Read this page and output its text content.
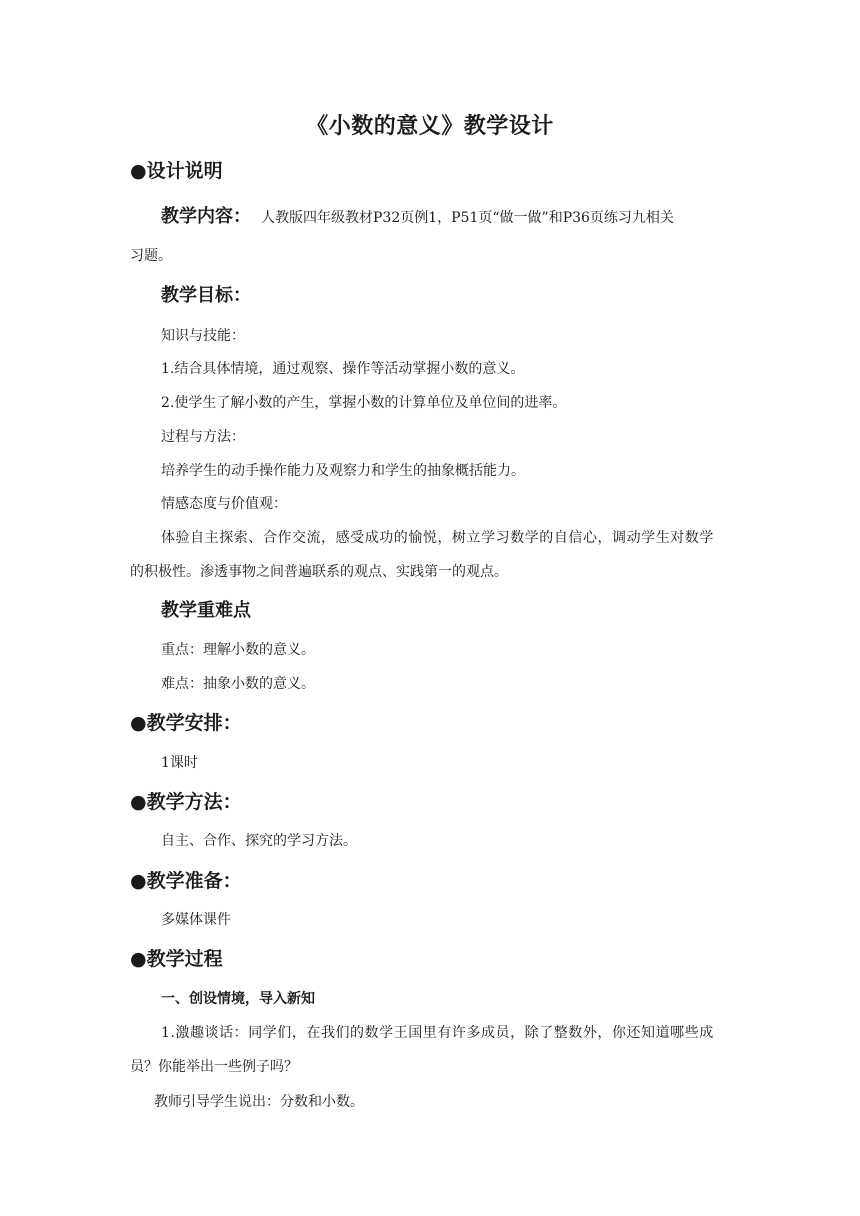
《小数的意义》教学设计
●设计说明
教学内容： 人教版四年级教材P32页例1，P51页“做一做”和P36页练习九相关
习题。
教学目标：
知识与技能：
1.结合具体情境，通过观察、操作等活动掌握小数的意义。
2.使学生了解小数的产生，掌握小数的计算单位及单位间的进率。
过程与方法：
培养学生的动手操作能力及观察力和学生的抽象概括能力。
情感态度与价值观：
体验自主探索、合作交流，感受成功的愉悦，树立学习数学的自信心，调动学生对数学
的积极性。渗透事物之间普遍联系的观点、实践第一的观点。
教学重难点
重点：理解小数的意义。
难点：抽象小数的意义。
●教学安排：
1课时
●教学方法：
自主、合作、探究的学习方法。
●教学准备：
多媒体课件
●教学过程
一、创设情境，导入新知
1.激趣谈话：同学们，在我们的数学王国里有许多成员，除了整数外，你还知道哪些成
员？你能举出一些例子吗？
教师引导学生说出：分数和小数。
